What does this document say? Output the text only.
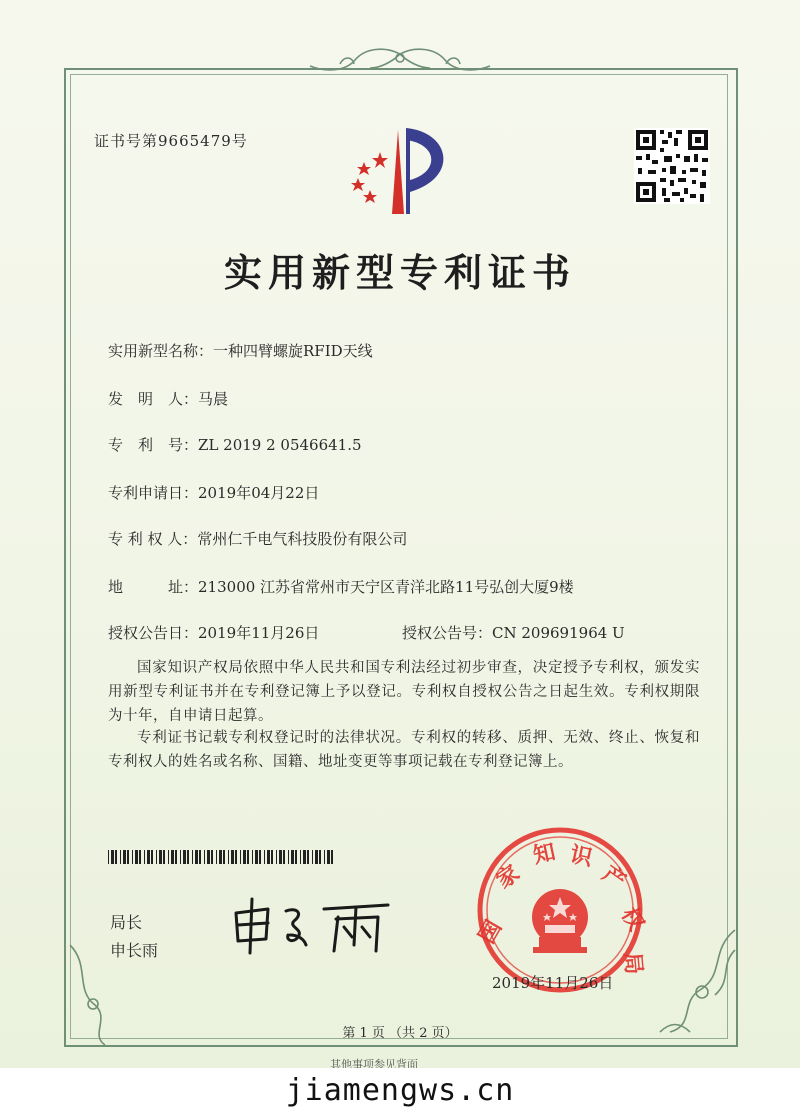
证书号第9665479号
实用新型专利证书
实用新型名称：一种四臂螺旋RFID天线
发　明　人：马晨
专　利　号：ZL 2019 2 0546641.5
专利申请日：2019年04月22日
专 利 权 人：常州仁千电气科技股份有限公司
地　　　址：213000 江苏省常州市天宁区青洋北路11号弘创大厦9楼
授权公告日：2019年11月26日	授权公告号：CN 209691964 U
国家知识产权局依照中华人民共和国专利法经过初步审查，决定授予专利权，颁发实用新型专利证书并在专利登记簿上予以登记。专利权自授权公告之日起生效。专利权期限为十年，自申请日起算。
专利证书记载专利权登记时的法律状况。专利权的转移、质押、无效、终止、恢复和专利权人的姓名或名称、国籍、地址变更等事项记载在专利登记簿上。
局长
申长雨
国
家
知 识
产
权
局
2019年11月26日
第 1 页 （共 2 页）
jiamengws.cn
